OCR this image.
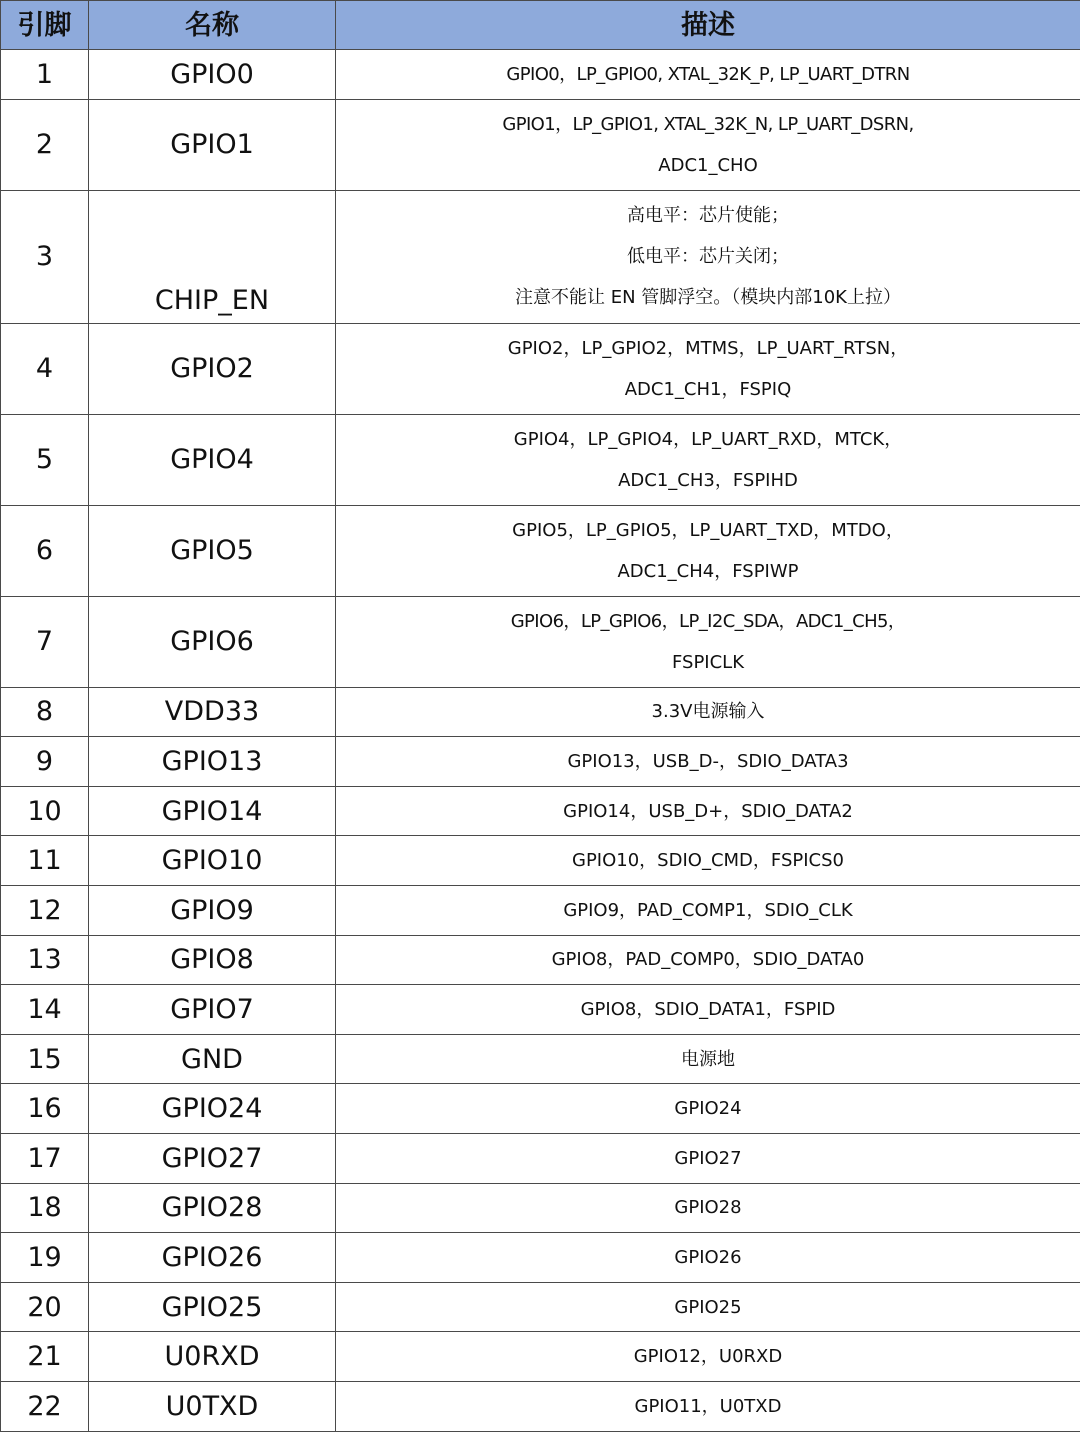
引脚	名称	描述
1	GPIO0	GPIO0，LP_GPIO0, XTAL_32K_P, LP_UART_DTRN

2	GPIO1	GPIO1，LP_GPIO1, XTAL_32K_N, LP_UART_DSRN,
ADC1_CHO

3	CHIP_EN	高电平：芯片使能；
低电平：芯片关闭；
注意不能让 EN 管脚浮空。（模块内部10K上拉）

4	GPIO2	GPIO2，LP_GPIO2，MTMS，LP_UART_RTSN，
ADC1_CH1，FSPIQ

5	GPIO4	GPIO4，LP_GPIO4，LP_UART_RXD，MTCK，
ADC1_CH3，FSPIHD

6	GPIO5	GPIO5，LP_GPIO5，LP_UART_TXD，MTDO，
ADC1_CH4，FSPIWP

7	GPIO6	GPIO6，LP_GPIO6，LP_I2C_SDA，ADC1_CH5，
FSPICLK

8	VDD33	3.3V电源输入

9	GPIO13	GPIO13，USB_D-，SDIO_DATA3

10	GPIO14	GPIO14，USB_D+，SDIO_DATA2

11	GPIO10	GPIO10，SDIO_CMD，FSPICS0

12	GPIO9	GPIO9，PAD_COMP1，SDIO_CLK

13	GPIO8	GPIO8，PAD_COMP0，SDIO_DATA0

14	GPIO7	GPIO8，SDIO_DATA1，FSPID

15	GND	电源地

16	GPIO24	GPIO24

17	GPIO27	GPIO27

18	GPIO28	GPIO28

19	GPIO26	GPIO26

20	GPIO25	GPIO25

21	U0RXD	GPIO12，U0RXD

22	U0TXD	GPIO11，U0TXD
